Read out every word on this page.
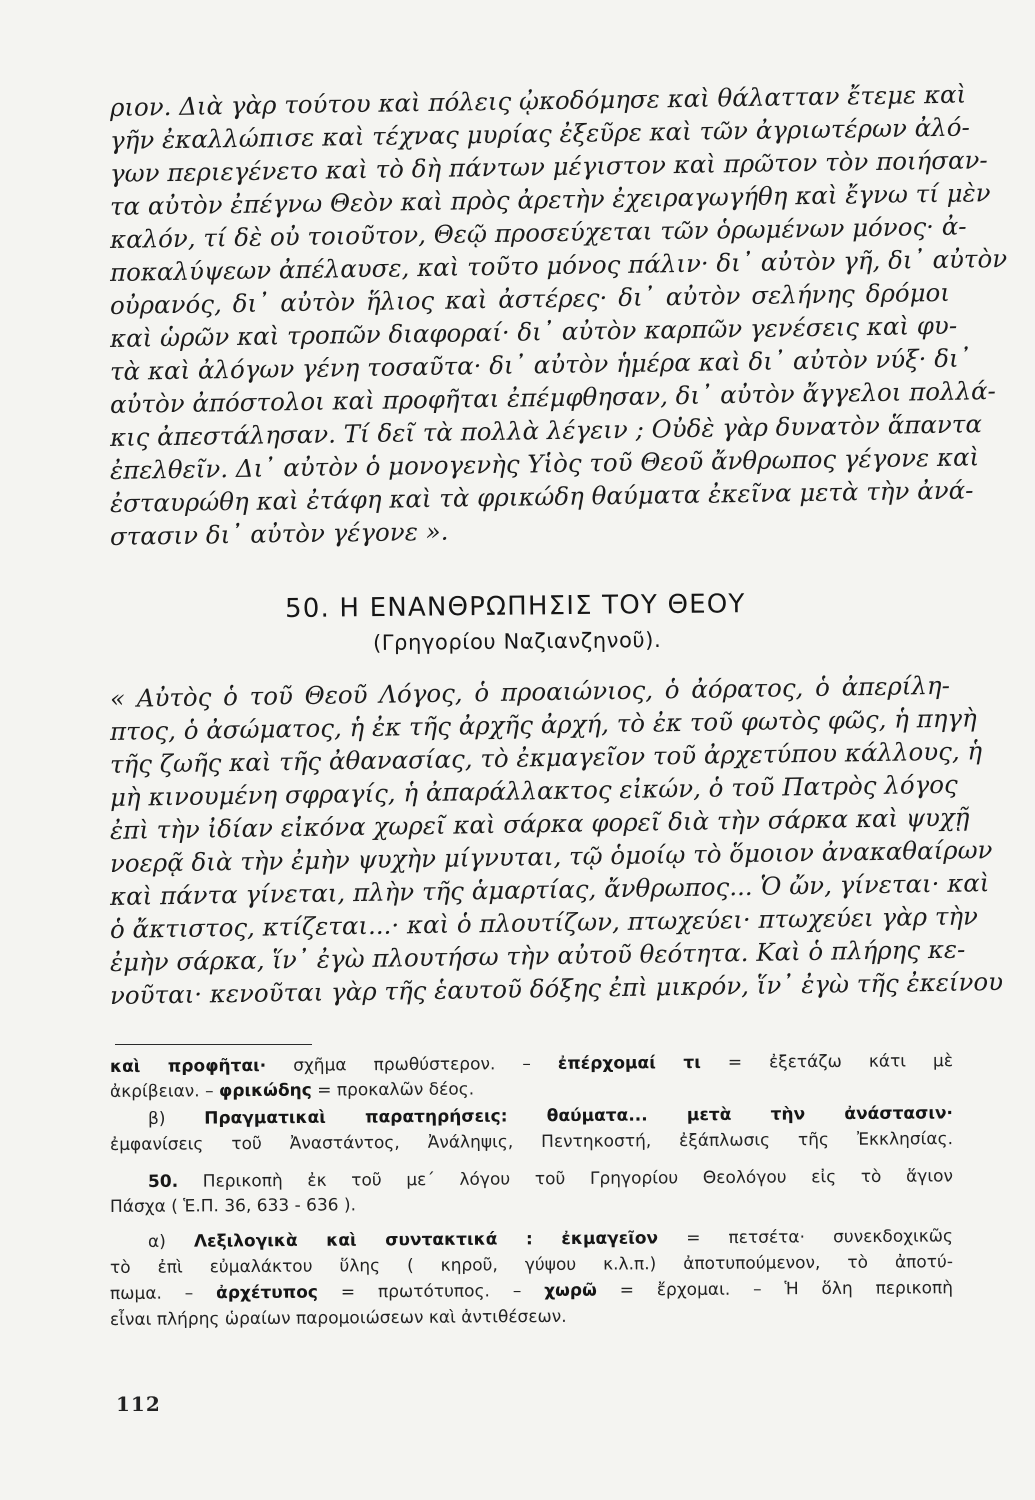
ριον. Διὰ γὰρ τούτου καὶ πόλεις ᾠκοδόμησε καὶ θάλατταν ἔτεμε καὶ
γῆν ἐκαλλώπισε καὶ τέχνας μυρίας ἐξεῦρε καὶ τῶν ἀγριωτέρων ἀλό-
γων περιεγένετο καὶ τὸ δὴ πάντων μέγιστον καὶ πρῶτον τὸν ποιήσαν-
τα αὐτὸν ἐπέγνω Θεὸν καὶ πρὸς ἀρετὴν ἐχειραγωγήθη καὶ ἔγνω τί μὲν
καλόν, τί δὲ οὐ τοιοῦτον, Θεῷ προσεύχεται τῶν ὁρωμένων μόνος· ἀ-
ποκαλύψεων ἀπέλαυσε, καὶ τοῦτο μόνος πάλιν· δι᾽ αὐτὸν γῆ, δι᾽ αὐτὸν
οὐρανός, δι᾽ αὐτὸν ἥλιος καὶ ἀστέρες· δι᾽ αὐτὸν σελήνης δρόμοι
καὶ ὡρῶν καὶ τροπῶν διαφοραί· δι᾽ αὐτὸν καρπῶν γενέσεις καὶ φυ-
τὰ καὶ ἀλόγων γένη τοσαῦτα· δι᾽ αὐτὸν ἡμέρα καὶ δι᾽ αὐτὸν νύξ· δι᾽
αὐτὸν ἀπόστολοι καὶ προφῆται ἐπέμφθησαν, δι᾽ αὐτὸν ἄγγελοι πολλά-
κις ἀπεστάλησαν. Τί δεῖ τὰ πολλὰ λέγειν ; Οὐδὲ γὰρ δυνατὸν ἅπαντα
ἐπελθεῖν. Δι᾽ αὐτὸν ὁ μονογενὴς Υἱὸς τοῦ Θεοῦ ἄνθρωπος γέγονε καὶ
ἐσταυρώθη καὶ ἐτάφη καὶ τὰ φρικώδη θαύματα ἐκεῖνα μετὰ τὴν ἀνά-
στασιν δι᾽ αὐτὸν γέγονε ».
50. Η ΕΝΑΝΘΡΩΠΗΣΙΣ ΤΟΥ ΘΕΟΥ
(Γρηγορίου Ναζιανζηνοῦ).
« Αὐτὸς ὁ τοῦ Θεοῦ Λόγος, ὁ προαιώνιος, ὁ ἀόρατος, ὁ ἀπερίλη-
πτος, ὁ ἀσώματος, ἡ ἐκ τῆς ἀρχῆς ἀρχή, τὸ ἐκ τοῦ φωτὸς φῶς, ἡ πηγὴ
τῆς ζωῆς καὶ τῆς ἀθανασίας, τὸ ἐκμαγεῖον τοῦ ἀρχετύπου κάλλους, ἡ
μὴ κινουμένη σφραγίς, ἡ ἀπαράλλακτος εἰκών, ὁ τοῦ Πατρὸς λόγος
ἐπὶ τὴν ἰδίαν εἰκόνα χωρεῖ καὶ σάρκα φορεῖ διὰ τὴν σάρκα καὶ ψυχῇ
νοερᾷ διὰ τὴν ἐμὴν ψυχὴν μίγνυται, τῷ ὁμοίῳ τὸ ὅμοιον ἀνακαθαίρων
καὶ πάντα γίνεται, πλὴν τῆς ἁμαρτίας, ἄνθρωπος... Ὁ ὤν, γίνεται· καὶ
ὁ ἄκτιστος, κτίζεται...· καὶ ὁ πλουτίζων, πτωχεύει· πτωχεύει γὰρ τὴν
ἐμὴν σάρκα, ἵν᾽ ἐγὼ πλουτήσω τὴν αὐτοῦ θεότητα. Καὶ ὁ πλήρης κε-
νοῦται· κενοῦται γὰρ τῆς ἑαυτοῦ δόξης ἐπὶ μικρόν, ἵν᾽ ἐγὼ τῆς ἐκείνου
καὶ προφῆται· σχῆμα πρωθύστερον. – ἐπέρχομαί τι = ἐξετάζω κάτι μὲ
ἀκρίβειαν. – φρικώδης = προκαλῶν δέος.
β) Πραγματικαὶ παρατηρήσεις: θαύματα... μετὰ τὴν ἀνάστασιν·
ἐμφανίσεις τοῦ Ἀναστάντος, Ἀνάληψις, Πεντηκοστή, ἐξάπλωσις τῆς Ἐκκλησίας.
50. Περικοπὴ ἐκ τοῦ με´ λόγου τοῦ Γρηγορίου Θεολόγου εἰς τὸ ἅγιον
Πάσχα ( Ἑ.Π. 36, 633 - 636 ).
α) Λεξιλογικὰ καὶ συντακτικά : ἐκμαγεῖον = πετσέτα· συνεκδοχικῶς
τὸ ἐπὶ εὐμαλάκτου ὕλης ( κηροῦ, γύψου κ.λ.π.) ἀποτυπούμενον, τὸ ἀποτύ-
πωμα. – ἀρχέτυπος = πρωτότυπος. – χωρῶ = ἔρχομαι. – Ἡ ὅλη περικοπὴ
εἶναι πλήρης ὡραίων παρομοιώσεων καὶ ἀντιθέσεων.
112
